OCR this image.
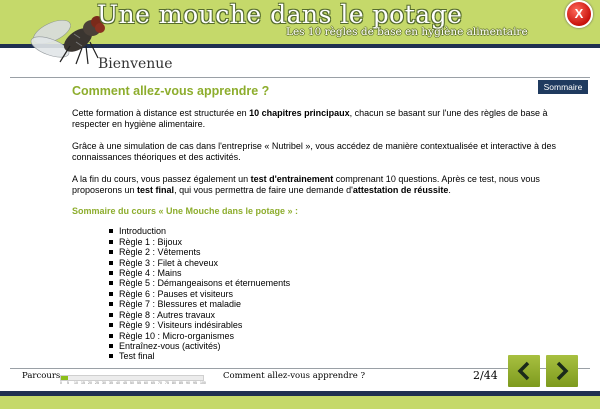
Une mouche dans le potage
Les 10 règles de base en hygiène alimentaire
X
Bienvenue
Sommaire
Comment allez-vous apprendre ?
Cette formation à distance est structurée en 10 chapitres principaux, chacun se basant sur l'une des règles de base à respecter en hygiène alimentaire.
Grâce à une simulation de cas dans l'entreprise « Nutribel », vous accédez de manière contextualisée et interactive à des connaissances théoriques et des activités.
A la fin du cours, vous passez également un test d'entrainement comprenant 10 questions. Après ce test, nous vous proposerons un test final, qui vous permettra de faire une demande d'attestation de réussite.
Sommaire du cours « Une Mouche dans le potage » :
Introduction
Règle 1 : Bijoux
Règle 2 : Vêtements
Règle 3 : Filet à cheveux
Règle 4 : Mains
Règle 5 : Démangeaisons et éternuements
Règle 6 : Pauses et visiteurs
Règle 7 : Blessures et maladie
Règle 8 : Autres travaux
Règle 9 : Visiteurs indésirables
Règle 10 : Micro-organismes
Entraînez-vous (activités)
Test final
Parcours
0 5 10 15 20 25 30 35 40 45 50 55 60 65 70 75 80 85 90 95 100
Comment allez-vous apprendre ?	2/44
